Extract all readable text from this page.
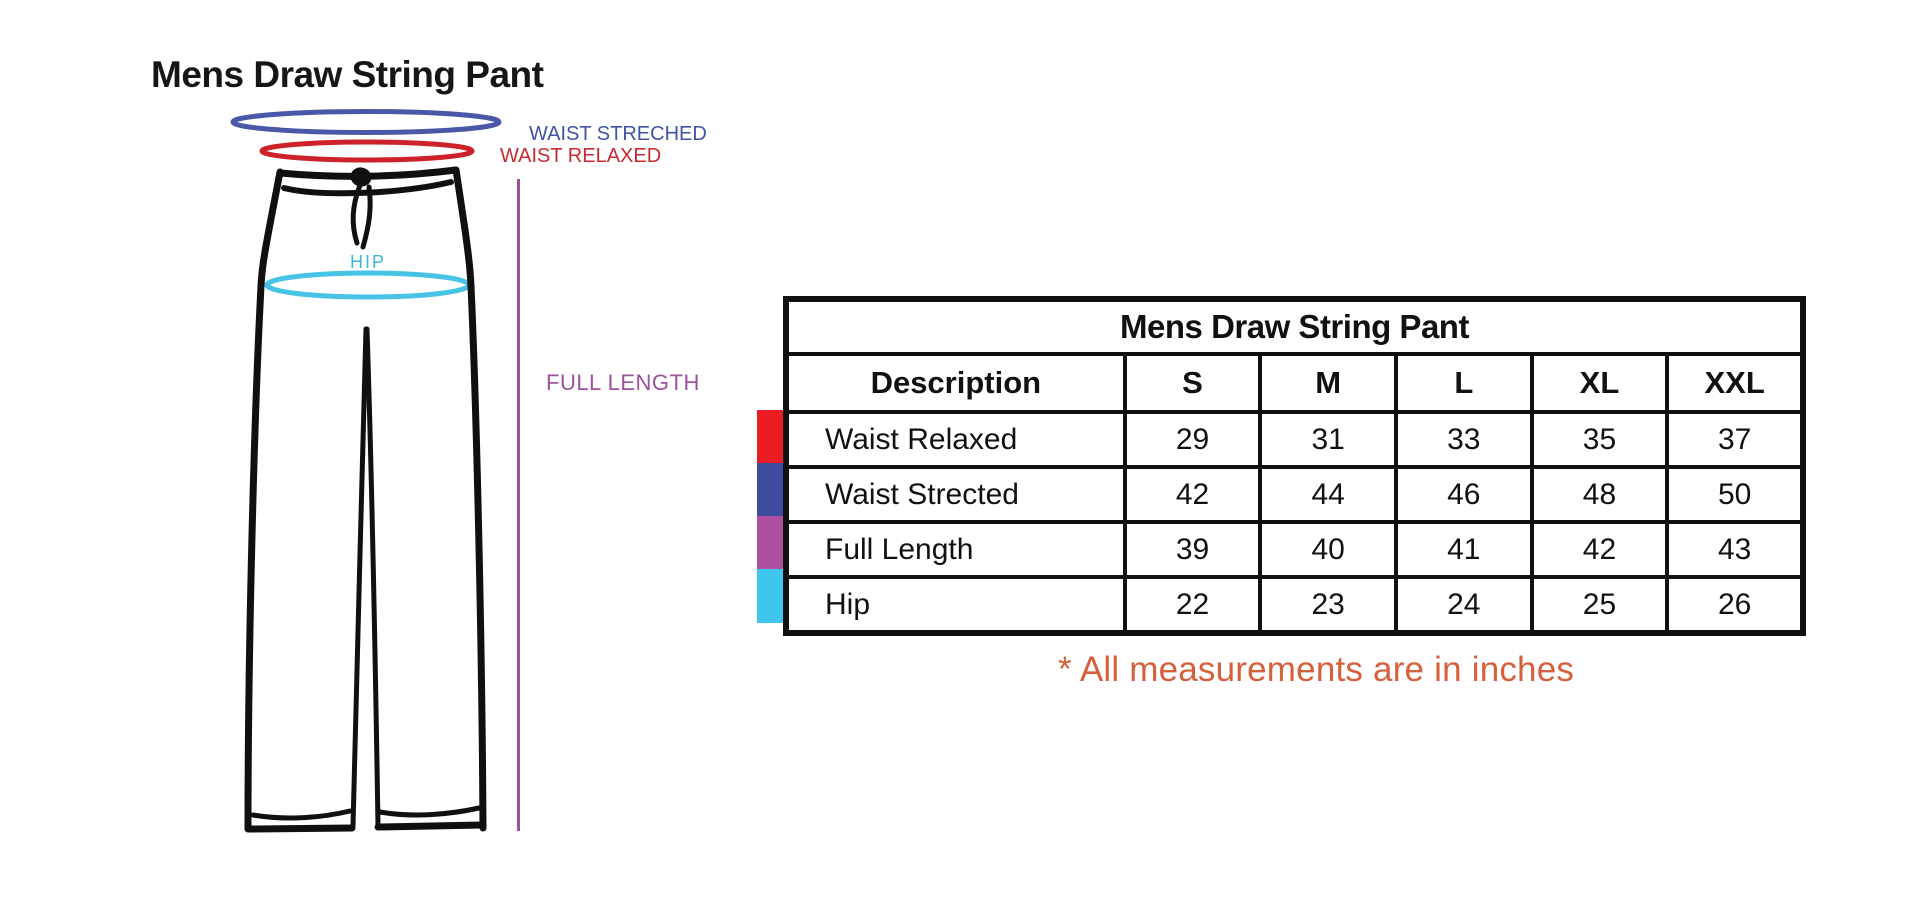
Mens Draw String Pant
WAIST STRECHED
WAIST RELAXED
HIP
FULL LENGTH
Mens Draw String Pant					
Description	S	M	L	XL	XXL
Waist Relaxed	29	31	33	35	37
Waist Strected	42	44	46	48	50
Full Length	39	40	41	42	43
Hip	22	23	24	25	26
* All measurements are in inches
